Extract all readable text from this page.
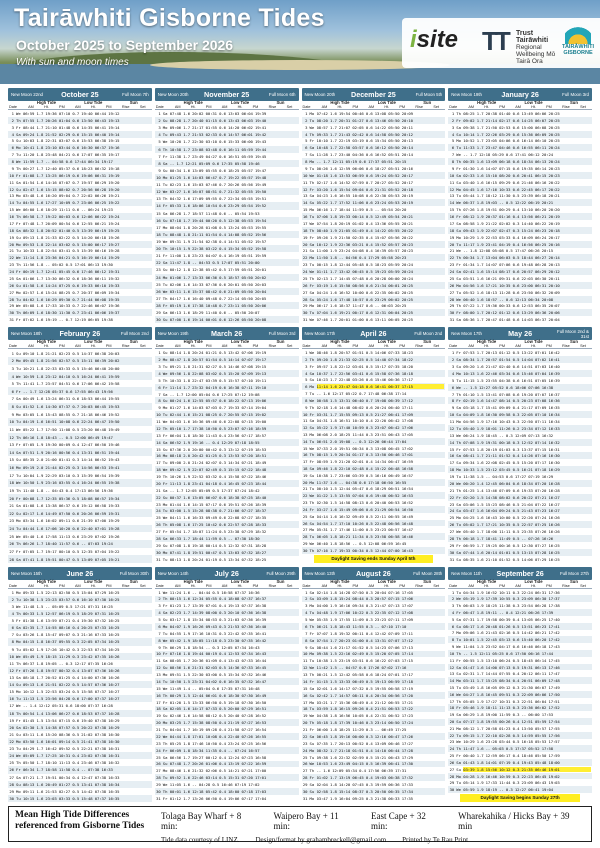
Tairāwhiti Gisborne Tides
October 2025 to September 2026
With sun and moon times
isite TT Trust Tairāwhiti
Regional Wellbeing Mō Tairā Ora
TAIRĀWHITI GISBORNE
New Moon 22nd	October 25	Full Moon 7th
Date
High Tide
AM	Ht.	PM
Low Tide
AM	Ht.	PM
Sun
Rise	Set
1 We 06:59 1.7 19:36 07:10 0.7 19:40 06:44 19:12
2 Th 07:55 1.7 20:26 01:04 0.6 13:50 06:43 19:13
3 Fr 08:44 1.7 21:10 01:48 0.6 14:35 06:41 19:14
4 Sa 09:24 1.8 21:52 02:29 0.6 15:15 06:40 19:14
5 Su 10:03 1.8 22:31 03:07 0.6 15:53 06:38 19:15
6 Mo 10:41 1.8 23:10 03:44 0.6 16:30 06:37 19:16
7 Tu 11:20 1.8 23:48 04:21 0.6 17:07 06:35 19:17
8 We 11:59 1.7 -- 04:58 0.6 17:44 06:34 19:17
9 Th 00:27 1.7 12:40 05:37 0.6 18:23 06:32 19:18
10 Fr 01:08 1.7 13:25 06:19 0.6 19:06 06:31 19:19
11 Sa 01:54 1.6 14:16 07:07 0.7 19:57 06:29 19:20
12 Su 02:47 1.6 15:15 08:02 0.7 20:56 06:28 19:20
13 Mo 03:48 1.6 16:20 09:04 0.7 22:02 06:26 19:21
14 Tu 04:55 1.6 17:27 10:09 0.7 23:06 06:25 19:22
15 We 06:00 1.6 18:29 11:11 0.6 -- 06:24 19:23
16 Th 06:58 1.7 19:22 00:03 0.6 12:06 06:22 19:24
17 Fr 07:48 1.7 20:09 00:54 0.6 12:55 06:21 19:24
18 Sa 08:32 1.8 20:52 01:40 0.5 13:39 06:19 19:25
19 Su 09:13 1.8 21:33 02:22 0.5 14:20 06:18 19:26
20 Mo 09:53 1.8 22:14 03:02 0.5 15:00 06:17 19:27
21 Tu 10:33 1.8 22:54 03:41 0.5 15:39 06:16 19:28
22 We 11:14 1.8 23:36 04:21 0.5 16:19 06:14 19:29
23 Th 11:56 1.8 -- 05:02 0.5 17:01 06:13 19:30
24 Fr 00:19 1.7 12:41 05:45 0.6 17:46 06:12 19:31
25 Sa 01:06 1.7 13:30 06:32 0.6 18:36 06:11 19:32
26 Su 01:58 1.6 14:24 07:25 0.6 19:33 06:10 19:33
27 Mo 02:57 1.6 15:24 08:25 0.7 20:37 06:09 19:34
28 Tu 04:02 1.6 16:29 09:30 0.7 21:44 06:08 19:35
29 We 05:08 1.6 17:33 10:33 0.7 22:46 06:07 19:36
30 Th 06:09 1.6 18:30 11:30 0.7 23:41 06:06 19:37
31 Fr 07:02 1.6 19:19 -- 0.7 12:19 06:05 19:38
New Moon 20th	November 25	Full Moon 6th
Date
High Tide
AM	Ht.	PM
Low Tide
AM	Ht.	PM
Sun
Rise	Set
1 Sa 07:48 1.6 20:02 00:31 0.6 13:03 06:04 19:39
2 Su 08:28 1.7 20:40 01:15 0.6 13:43 06:03 19:40
3 Mo 09:06 1.7 21:17 01:55 0.6 14:20 06:02 19:41
4 Tu 09:43 1.7 21:53 02:33 0.6 14:57 06:01 19:42
5 We 10:20 1.7 22:30 03:10 0.6 15:33 06:00 19:43
6 Th 10:58 1.7 23:08 03:48 0.6 16:11 05:59 19:44
7 Fr 11:38 1.7 23:49 04:27 0.6 16:51 05:59 19:45
8 Sa -- 1.7 12:21 05:09 0.6 17:35 05:58 19:46
9 Su 00:34 1.6 13:09 05:55 0.6 18:25 05:57 19:47
10 Mo 01:25 1.6 14:03 06:47 0.7 19:22 05:57 19:48
11 Tu 02:23 1.6 15:03 07:46 0.7 20:26 05:56 19:49
12 We 03:27 1.6 16:07 08:51 0.7 21:32 05:55 19:50
13 Th 04:32 1.6 17:09 09:55 0.7 22:34 05:55 19:51
14 Fr 05:33 1.6 18:06 10:54 0.6 23:29 05:54 19:52
15 Sa 06:28 1.7 18:57 11:48 0.6 -- 05:54 19:53
16 Su 07:18 1.7 19:44 00:20 0.5 12:38 05:53 19:54
17 Mo 08:04 1.8 20:28 01:08 0.5 13:24 05:53 19:55
18 Tu 08:48 1.8 21:11 01:54 0.4 14:08 05:52 19:56
19 We 09:31 1.9 21:54 02:38 0.4 14:51 05:52 19:57
20 Th 10:15 1.9 22:38 03:22 0.4 15:34 05:52 19:58
21 Fr 11:00 1.8 23:23 04:07 0.4 16:19 05:51 19:59
22 Sa 11:47 1.8 -- 04:53 0.5 17:07 05:51 20:00
23 Su 00:12 1.8 12:38 05:42 0.5 17:59 05:51 20:01
24 Mo 01:06 1.7 13:33 06:36 0.5 18:57 05:50 20:02
25 Tu 02:06 1.6 14:33 07:36 0.6 20:01 05:50 20:03
26 We 03:11 1.6 15:37 08:42 0.6 21:09 05:50 20:04
27 Th 04:17 1.6 16:40 09:48 0.7 22:14 05:50 20:05
28 Fr 05:19 1.6 17:38 10:48 0.7 23:11 05:50 20:06
29 Sa 06:13 1.6 18:29 11:40 0.6 -- 05:50 20:07
30 Su 07:00 1.6 19:14 00:01 0.6 12:26 05:50 20:08
New Moon 20th	December 25	Full Moon 5th
Date
High Tide
AM	Ht.	PM
Low Tide
AM	Ht.	PM
Sun
Rise	Set
1 Mo 07:42 1.6 19:54 00:46 0.6 13:08 05:50 20:09
2 Tu 08:20 1.7 20:31 01:27 0.6 13:46 05:50 20:10
3 We 08:57 1.7 21:07 02:05 0.6 14:22 05:50 20:11
4 Th 09:33 1.7 21:43 02:42 0.6 14:58 05:50 20:12
5 Fr 10:10 1.7 22:19 03:19 0.6 15:34 05:50 20:13
6 Sa 10:48 1.7 22:58 03:57 0.6 16:12 05:50 20:14
7 Su 11:28 1.7 23:40 04:36 0.6 16:52 05:51 20:14
8 Mo -- 1.7 12:11 05:19 0.6 17:37 05:51 20:15
9 Tu 00:26 1.6 12:59 06:06 0.6 18:27 05:51 20:16
10 We 01:18 1.6 13:53 06:59 0.6 19:24 05:52 20:17
11 Th 02:17 1.6 14:52 07:59 0.7 20:27 05:52 20:17
12 Fr 03:20 1.6 15:54 09:04 0.6 21:31 05:52 20:18
13 Sa 04:23 1.6 16:55 10:08 0.6 22:30 05:53 20:19
14 Su 05:22 1.7 17:52 11:06 0.6 23:24 05:53 20:19
15 Mo 06:16 1.7 18:44 11:59 0.5 -- 05:54 20:20
16 Tu 07:06 1.8 19:33 00:14 0.5 12:49 05:54 20:21
17 We 07:54 1.8 20:19 01:02 0.4 13:36 05:55 20:21
18 Th 08:40 1.9 21:05 01:49 0.4 14:22 05:55 20:22
19 Fr 09:26 1.9 21:50 02:35 0.4 15:07 05:56 20:22
20 Sa 10:12 1.9 22:36 03:21 0.4 15:52 05:57 20:23
21 Su 11:00 1.9 23:24 04:08 0.4 16:39 05:57 20:23
22 Mo 11:50 1.8 -- 04:56 0.4 17:29 05:58 20:23
23 Tu 00:15 1.8 12:44 05:48 0.5 18:23 05:59 20:24
24 We 01:11 1.7 13:42 06:45 0.5 19:23 05:59 20:24
25 Th 02:13 1.7 14:45 07:48 0.6 20:28 06:00 20:24
26 Fr 03:19 1.6 15:50 08:56 0.6 21:34 06:01 20:25
27 Sa 04:24 1.6 16:52 10:00 0.6 22:35 06:02 20:25
28 Su 05:24 1.6 17:48 10:57 0.6 23:29 06:02 20:25
29 Mo 06:17 1.6 18:37 11:47 0.6 -- 06:03 20:25
30 Tu 07:04 1.6 19:21 00:17 0.6 12:31 06:04 20:25
31 We 07:46 1.7 20:01 01:00 0.6 13:11 06:05 20:25
New Moon 19th	January 26	Full Moon 3rd
Date
High Tide
AM	Ht.	PM
Low Tide
AM	Ht.	PM
Sun
Rise	Set
1 Th 08:25 1.7 20:38 01:40 0.6 13:49 06:06 20:25
2 Fr 09:02 1.7 21:14 02:17 0.6 14:25 06:07 20:25
3 Sa 09:38 1.7 21:50 02:53 0.6 15:00 06:08 20:25
4 Su 10:14 1.7 22:26 03:29 0.6 15:36 06:09 20:25
5 Mo 10:52 1.7 23:05 04:06 0.6 16:14 06:10 20:25
6 Tu 11:33 1.7 23:47 04:46 0.6 16:55 06:11 20:24
7 We -- 1.7 12:18 05:29 0.6 17:41 06:12 20:24
8 Th 00:35 1.6 13:09 06:18 0.6 18:34 06:13 20:24
9 Fr 01:30 1.6 14:07 07:15 0.6 19:35 06:14 20:23
10 Sa 02:33 1.6 15:10 08:20 0.6 20:41 06:15 20:23
11 Su 03:40 1.6 16:15 09:29 0.6 21:46 06:16 20:22
12 Mo 04:45 1.6 17:16 10:33 0.6 22:45 06:17 20:22
13 Tu 05:44 1.7 18:12 11:30 0.5 23:39 06:18 20:21
14 We 06:37 1.8 19:03 -- 0.5 12:22 06:19 20:21
15 Th 07:26 1.8 19:51 00:29 0.4 13:10 06:20 20:20
16 Fr 08:12 1.9 20:37 01:16 0.4 13:56 06:21 20:19
17 Sa 08:58 1.9 21:22 02:02 0.3 14:40 06:22 20:19
18 Su 09:43 1.9 22:07 02:47 0.3 15:24 06:23 20:18
19 Mo 10:29 1.9 22:53 03:33 0.4 16:09 06:24 20:17
20 Tu 11:17 1.9 23:41 04:19 0.4 16:56 06:25 20:16
21 We -- 1.8 12:08 05:08 0.5 17:47 06:26 20:15
22 Th 00:34 1.7 13:04 06:03 0.5 18:44 06:27 20:14
23 Fr 01:34 1.7 14:07 07:06 0.6 19:48 06:28 20:13
24 Sa 02:41 1.6 15:14 08:17 0.6 20:57 06:29 20:12
25 Su 03:51 1.6 16:21 09:31 0.6 22:03 06:30 20:11
26 Mo 04:56 1.6 17:21 10:35 0.6 23:00 06:31 20:10
27 Tu 05:52 1.6 18:13 11:28 0.6 23:50 06:32 20:09
28 We 06:40 1.6 18:57 -- 0.6 12:13 06:34 20:08
29 Th 07:22 1.7 19:36 00:33 0.6 12:53 06:35 20:07
30 Fr 08:00 1.7 20:12 01:12 0.6 13:29 06:36 20:06
31 Sa 08:36 1.7 20:47 01:48 0.6 14:03 06:37 20:04
New Moon 18th	February 26	Full Moon 2nd
Date
High Tide
AM	Ht.	PM
Low Tide
AM	Ht.	PM
Sun
Rise	Set
1 Su 09:10 1.8 21:21 02:23 0.5 14:37 06:38 20:03
2 Mo 09:45 1.8 21:56 02:57 0.5 15:11 06:39 20:02
3 Tu 10:21 1.8 22:33 03:33 0.5 15:46 06:40 20:00
4 We 10:59 1.8 23:12 04:10 0.5 16:24 06:41 19:59
5 Th 11:41 1.7 23:57 04:51 0.6 17:06 06:42 19:58
6 Fr -- 1.7 12:28 05:37 0.6 17:55 06:43 19:56
7 Sa 00:49 1.6 13:24 06:31 0.6 18:53 06:44 19:55
8 Su 01:52 1.6 14:30 07:37 0.7 20:03 06:45 19:53
9 Mo 03:05 1.6 15:43 08:55 0.7 21:18 06:46 19:52
10 Tu 04:19 1.6 16:51 10:08 0.6 22:24 06:47 19:50
11 We 05:22 1.7 17:50 11:08 0.5 23:20 06:48 19:49
12 Th 06:16 1.8 18:43 -- 0.5 12:00 06:49 19:47
13 Fr 07:05 1.9 19:30 00:09 0.4 12:47 06:50 19:46
14 Sa 07:51 1.9 20:16 00:56 0.4 13:31 06:51 19:44
15 Su 08:35 2.0 21:00 01:41 0.3 14:14 06:52 19:43
16 Mo 09:19 2.0 21:44 02:25 0.3 14:56 06:53 19:41
17 Tu 10:04 1.9 22:29 03:10 0.3 15:39 06:54 19:39
18 We 10:50 1.9 23:16 03:55 0.4 16:24 06:55 19:38
19 Th 11:40 1.8 -- 04:43 0.4 17:13 06:56 19:36
20 Fr 00:08 1.7 12:35 05:36 0.5 18:08 06:57 19:34
21 Sa 01:08 1.6 13:38 06:37 0.6 19:12 06:58 19:33
22 Su 02:17 1.6 14:49 07:50 0.6 20:26 06:59 19:31
23 Mo 03:34 1.6 16:02 09:11 0.6 21:39 07:00 19:29
24 Tu 04:44 1.6 17:06 10:20 0.6 22:40 07:01 19:28
25 We 05:40 1.6 17:58 11:13 0.6 23:29 07:02 19:26
26 Th 06:26 1.7 18:40 11:57 0.6 -- 07:03 19:24
27 Fr 07:05 1.7 19:17 00:10 0.5 12:35 07:04 19:22
28 Sa 07:41 1.8 19:51 00:47 0.5 13:09 07:05 19:21
New Moon 19th	March 26	Full Moon 3rd
Date
High Tide
AM	Ht.	PM
Low Tide
AM	Ht.	PM
Sun
Rise	Set
1 Su 08:14 1.8 20:24 01:21 0.5 13:42 07:06 19:19
2 Mo 08:47 1.8 20:57 01:54 0.5 14:14 07:07 19:17
3 Tu 09:21 1.8 21:31 02:27 0.5 14:46 07:08 19:15
4 We 09:56 1.8 22:08 03:02 0.5 15:20 07:09 19:13
5 Th 10:33 1.8 22:47 03:39 0.5 15:57 07:10 19:11
6 Fr 11:14 1.7 23:32 04:19 0.6 16:38 07:11 19:10
7 Sa -- 1.7 12:00 05:04 0.6 17:25 07:12 19:08
8 Su 00:24 1.6 12:55 05:57 0.6 18:22 07:13 19:06
9 Mo 01:27 1.6 14:03 07:03 0.7 19:33 07:14 19:04
10 Tu 02:44 1.6 15:21 08:25 0.7 20:55 07:15 19:02
11 We 04:03 1.6 16:36 09:46 0.6 22:08 07:15 19:00
12 Th 05:10 1.7 17:38 10:50 0.5 23:07 07:16 18:59
13 Fr 06:04 1.8 18:30 11:43 0.4 23:56 07:17 18:57
14 Sa 06:52 1.9 19:16 -- 0.4 12:29 07:18 18:55
15 Su 07:36 2.0 20:00 00:42 0.3 13:12 07:19 18:53
16 Mo 08:18 2.0 20:42 01:25 0.3 13:53 07:20 18:51
17 Tu 09:00 2.0 21:24 02:07 0.3 14:34 07:21 18:49
18 We 09:42 1.9 22:07 02:49 0.3 15:15 07:22 18:48
19 Th 10:26 1.9 22:52 03:32 0.4 15:58 07:22 18:46
20 Fr 11:13 1.8 23:41 04:18 0.4 16:45 07:23 18:44
21 Sa -- 1.7 12:05 05:09 0.5 17:37 07:24 18:42
22 Su 00:37 1.6 13:05 06:07 0.6 18:38 07:25 18:40
23 Mo 01:44 1.6 14:15 07:17 0.6 19:51 07:26 18:39
24 Tu 03:00 1.5 15:28 08:38 0.7 21:06 07:27 18:37
25 We 04:11 1.6 16:33 09:49 0.6 22:08 07:27 18:35
26 Th 05:08 1.6 17:25 10:42 0.6 22:57 07:28 18:33
27 Fr 05:54 1.7 18:07 11:24 0.5 23:38 07:29 18:32
28 Sa 06:33 1.7 18:44 11:59 0.5 -- 07:30 18:30
29 Su 07:08 1.8 19:18 00:14 0.5 12:32 07:31 18:28
30 Mo 07:41 1.8 19:51 00:47 0.5 13:03 07:32 18:27
31 Tu 08:13 1.8 20:24 01:19 0.5 13:34 07:32 18:25
New Moon 17th	April 26	Full Moon 2nd
Date
High Tide
AM	Ht.	PM
Low Tide
AM	Ht.	PM
Sun
Rise	Set
1 We 08:46 1.8 20:57 01:51 0.5 14:06 07:33 18:23
2 Th 09:20 1.8 21:33 02:25 0.5 14:40 07:34 18:22
3 Fr 09:57 1.8 22:12 03:01 0.5 15:17 07:35 18:20
4 Sa 10:37 1.7 22:56 03:41 0.6 15:58 07:36 18:18
5 Su 10:23 1.7 22:48 03:26 0.6 15:46 06:36 17:17
6 Mo 11:14 1.6 23:47 04:18 0.6 16:41 06:37 17:15
7 Tu -- 1.6 12:17 05:22 0.7 17:48 06:38 17:14
8 We 00:58 1.5 13:31 06:40 0.7 19:08 06:39 17:12
9 Th 02:18 1.6 14:48 08:02 0.6 20:24 06:40 17:11
10 Fr 03:31 1.7 15:55 09:13 0.5 21:27 06:41 17:09
11 Sa 04:31 1.8 16:51 10:10 0.4 22:20 06:42 17:08
12 Su 05:22 1.9 17:40 10:59 0.3 23:07 06:42 17:06
13 Mo 06:08 2.0 18:25 11:44 0.3 23:51 06:43 17:05
14 Tu 06:51 2.0 19:08 -- 0.3 12:26 06:44 17:04
15 We 07:33 2.0 19:51 00:34 0.3 13:08 06:45 17:02
16 Th 08:15 1.9 20:34 01:17 0.3 13:50 06:46 17:01
17 Fr 08:59 1.9 21:20 02:01 0.4 14:34 06:47 16:59
18 Sa 09:46 1.8 22:10 02:48 0.4 15:22 06:48 16:58
19 Su 10:38 1.7 23:06 03:39 0.5 16:16 06:49 16:57
20 Mo 11:37 1.6 -- 04:38 0.6 17:18 06:50 16:55
21 Tu 00:10 1.5 12:44 05:47 0.6 18:29 06:51 16:54
22 We 01:22 1.5 13:55 07:04 0.6 19:40 06:52 16:53
23 Th 02:30 1.5 14:58 08:13 0.6 20:40 06:53 16:52
24 Fr 03:27 1.6 15:49 09:06 0.6 21:29 06:54 16:50
25 Sa 04:14 1.6 16:32 09:49 0.5 22:11 06:55 16:49
26 Su 04:54 1.7 17:10 10:26 0.5 22:48 06:56 16:48
27 Mo 05:31 1.7 17:46 11:00 0.5 23:23 06:57 16:47
28 Tu 06:05 1.8 18:21 11:34 0.5 23:58 06:58 16:46
29 We 06:40 1.8 18:56 -- 0.5 12:08 06:59 16:45
30 Th 07:16 1.7 19:33 00:34 0.5 12:44 07:00 16:43
Daylight Saving ends Sunday April 5th
New Moon 17th	May 26	Full Moon 2nd & 31st
Date
High Tide
AM	Ht.	PM
Low Tide
AM	Ht.	PM
Sun
Rise	Set
1 Fr 07:53 1.7 20:13 01:12 0.5 13:22 07:01 16:42
2 Sa 08:34 1.7 20:57 01:54 0.5 14:04 07:02 16:41
3 Su 09:20 1.6 21:47 02:40 0.6 14:51 07:03 16:40
4 Mo 10:13 1.6 22:46 03:34 0.6 15:46 07:04 16:39
5 Tu 11:15 1.5 23:55 04:38 0.6 16:51 07:05 16:39
6 We -- 1.5 12:27 05:52 0.6 18:06 07:06 16:38
7 Th 01:10 1.5 13:41 07:08 0.6 19:20 07:07 16:37
8 Fr 02:19 1.6 14:47 08:14 0.5 20:23 07:08 16:36
9 Sa 03:18 1.7 15:41 09:09 0.4 21:17 07:09 16:35
10 Su 04:09 1.8 16:30 09:58 0.3 22:05 07:10 16:34
11 Mo 04:56 1.9 17:16 10:43 0.3 22:50 07:11 16:34
12 Tu 05:40 1.9 18:01 11:26 0.2 23:34 07:12 16:33
13 We 06:24 1.9 18:45 -- 0.3 12:09 07:13 16:32
14 Th 07:08 1.9 19:31 00:18 0.3 12:52 07:14 16:32
15 Fr 07:53 1.8 20:19 01:03 0.3 13:37 07:15 16:31
16 Sa 08:41 1.7 21:11 01:52 0.4 14:26 07:16 16:30
17 Su 09:34 1.6 22:08 02:45 0.5 15:20 07:17 16:30
18 Mo 10:33 1.5 23:12 03:45 0.5 16:21 07:18 16:29
19 Tu 11:38 1.5 -- 04:53 0.6 17:27 07:19 16:29
20 We 00:20 1.4 12:45 06:04 0.6 18:34 07:20 16:28
21 Th 01:25 1.4 13:46 07:09 0.6 19:33 07:20 16:28
22 Fr 02:20 1.5 14:38 08:02 0.6 20:22 07:21 16:27
23 Sa 03:06 1.5 15:23 08:46 0.5 21:04 07:22 16:27
24 Su 03:47 1.6 16:04 09:24 0.5 21:43 07:23 16:27
25 Mo 04:25 1.6 16:43 10:00 0.5 22:20 07:24 16:26
26 Tu 05:02 1.7 17:21 10:35 0.5 22:57 07:25 16:26
27 We 05:40 1.7 18:00 11:11 0.5 23:35 07:26 16:26
28 Th 06:18 1.7 18:41 11:49 0.5 -- 07:26 16:26
29 Fr 06:59 1.7 19:25 00:16 0.5 12:30 07:27 16:25
30 Sa 07:44 1.6 20:14 01:01 0.5 13:15 07:28 16:25
31 Su 08:35 1.6 21:10 01:52 0.5 14:06 07:29 16:25
New Moon 15th	June 26	Full Moon 30th
Date
High Tide
AM	Ht.	PM
Low Tide
AM	Ht.	PM
Sun
Rise	Set
1 Mo 09:33 1.5 22:13 02:50 0.5 15:04 07:29 16:25
2 Tu 10:38 1.5 23:23 03:57 0.6 16:10 07:30 16:25
3 We 11:48 1.5 -- 05:09 0.5 17:21 07:31 16:25
4 Th 00:33 1.5 12:57 06:19 0.5 18:29 07:31 16:25
5 Fr 01:38 1.6 13:59 07:21 0.4 19:30 07:32 16:25
6 Sa 02:35 1.7 14:55 08:16 0.4 20:25 07:33 16:25
7 Su 03:26 1.8 15:47 09:07 0.3 21:16 07:33 16:25
8 Mo 04:15 1.8 16:37 09:55 0.3 22:05 07:34 16:25
9 Tu 05:02 1.9 17:26 10:42 0.3 22:53 07:34 16:25
10 We 05:49 1.9 18:15 11:29 0.3 23:42 07:35 16:26
11 Th 06:37 1.8 19:05 -- 0.3 12:17 07:35 16:26
12 Fr 07:26 1.8 19:57 00:32 0.4 13:07 07:36 16:26
13 Sa 08:18 1.7 20:52 01:25 0.4 14:00 07:36 16:26
14 Su 09:13 1.6 21:51 02:22 0.5 14:57 07:36 16:27
15 Mo 10:12 1.5 22:53 03:24 0.5 15:58 07:37 16:27
16 Tu 11:13 1.5 23:56 04:28 0.6 17:00 07:37 16:27
17 We -- 1.4 12:12 05:31 0.6 18:00 07:37 16:28
18 Th 00:54 1.4 13:06 06:27 0.6 18:53 07:37 16:28
19 Fr 01:45 1.5 13:54 07:15 0.6 19:40 07:38 16:29
20 Sa 02:30 1.5 14:38 07:57 0.5 20:22 07:38 16:29
21 Su 03:11 1.6 15:20 08:36 0.5 21:02 07:38 16:30
22 Mo 03:50 1.6 16:01 09:14 0.5 21:41 07:38 16:30
23 Tu 04:29 1.7 16:42 09:52 0.5 22:21 07:38 16:31
24 We 05:09 1.7 17:25 10:31 0.4 23:02 07:38 16:31
25 Th 05:50 1.7 18:10 11:13 0.4 23:46 07:38 16:32
26 Fr 06:34 1.7 18:58 11:58 0.4 -- 07:38 16:33
27 Sa 07:21 1.7 19:51 00:34 0.4 12:47 07:38 16:33
28 Su 08:13 1.6 20:49 01:27 0.5 13:41 07:38 16:34
29 Mo 09:11 1.6 21:53 02:27 0.5 14:42 07:38 16:35
30 Tu 10:15 1.6 23:03 03:33 0.5 15:48 07:37 16:35
New Moon 14th	July 26	Full Moon 29th
Date
High Tide
AM	Ht.	PM
Low Tide
AM	Ht.	PM
Sun
Rise	Set
1 We 11:24 1.6 -- 04:44 0.5 16:58 07:37 16:36
2 Th 00:15 1.6 12:34 05:55 0.4 18:08 07:37 16:37
3 Fr 01:23 1.7 13:39 07:01 0.4 19:13 07:37 16:38
4 Sa 02:23 1.7 14:39 08:00 0.3 20:10 07:36 16:38
5 Su 03:17 1.8 15:34 08:53 0.3 21:03 07:36 16:39
6 Mo 04:07 1.9 16:26 09:43 0.3 21:53 07:36 16:40
7 Tu 04:55 1.9 17:16 10:31 0.3 22:42 07:35 16:41
8 We 05:42 1.9 18:05 11:18 0.3 23:30 07:35 16:42
9 Th 06:29 1.8 18:54 -- 0.3 12:05 07:34 16:43
10 Fr 07:16 1.8 19:44 00:19 0.4 12:53 07:34 16:43
11 Sa 08:05 1.7 20:36 01:09 0.4 13:43 07:33 16:44
12 Su 08:56 1.6 21:31 02:03 0.5 14:36 07:33 16:45
13 Mo 09:51 1.5 22:30 03:00 0.5 15:34 07:32 16:46
14 Tu 10:50 1.5 23:31 04:02 0.6 16:35 07:32 16:47
15 We 11:49 1.4 -- 05:04 0.6 17:35 07:31 16:48
16 Th 00:29 1.5 12:44 06:01 0.6 18:30 07:30 16:49
17 Fr 01:20 1.5 13:33 06:50 0.5 19:18 07:30 16:50
18 Sa 02:05 1.6 14:17 07:33 0.5 20:00 07:29 16:51
19 Su 02:46 1.6 14:58 08:12 0.5 20:40 07:28 16:52
20 Mo 03:25 1.7 15:38 08:50 0.4 21:19 07:27 16:53
21 Tu 04:04 1.7 16:19 09:28 0.4 21:58 07:27 16:54
22 We 04:44 1.8 17:01 10:08 0.4 22:40 07:26 16:55
23 Th 05:25 1.8 17:46 10:50 0.4 23:24 07:25 16:56
24 Fr 06:09 1.8 18:34 11:35 0.4 -- 07:24 16:57
25 Sa 06:56 1.7 19:27 00:12 0.4 12:24 07:23 16:58
26 Su 07:48 1.7 20:26 01:06 0.4 13:19 07:22 16:59
27 Mo 08:46 1.6 21:32 02:06 0.5 14:21 07:21 17:00
28 Tu 09:52 1.6 22:46 03:14 0.5 15:31 07:20 17:01
29 We 11:05 1.6 -- 04:28 0.5 16:46 07:19 17:02
30 Th 00:01 1.6 12:18 05:42 0.4 18:00 07:18 17:03
31 Fr 01:12 1.7 13:26 06:50 0.4 19:06 07:17 17:04
New Moon 13th	August 26	Full Moon 28th
Date
High Tide
AM	Ht.	PM
Low Tide
AM	Ht.	PM
Sun
Rise	Set
1 Sa 02:14 1.8 14:28 07:50 0.3 20:04 07:16 17:05
2 Su 03:09 1.8 15:24 08:44 0.3 20:57 07:15 17:06
3 Mo 04:00 1.9 16:16 09:34 0.3 21:47 07:13 17:07
4 Tu 04:48 1.9 17:06 10:22 0.3 22:35 07:12 17:08
5 We 05:35 1.9 17:55 11:09 0.3 23:23 07:11 17:09
6 Th 06:21 1.8 18:43 11:55 0.3 -- 07:10 17:10
7 Fr 07:07 1.8 19:32 00:11 0.4 12:42 07:09 17:11
8 Sa 07:54 1.7 20:23 01:00 0.4 13:31 07:07 17:12
9 Su 08:44 1.6 21:17 01:52 0.5 14:23 07:06 17:13
10 Mo 09:38 1.5 22:16 02:49 0.5 15:20 07:05 17:14
11 Tu 10:38 1.5 23:19 03:51 0.6 16:22 07:03 17:15
12 We 11:42 1.5 -- 04:57 0.6 17:26 07:02 17:16
13 Th 00:21 1.5 12:42 05:58 0.6 18:24 07:01 17:17
14 Fr 01:15 1.5 13:33 06:49 0.5 19:13 06:59 17:18
15 Sa 02:01 1.6 14:17 07:32 0.5 19:55 06:58 17:19
16 Su 02:42 1.7 14:57 08:11 0.4 20:34 06:56 17:20
17 Mo 03:21 1.7 15:36 08:49 0.4 21:12 06:55 17:21
18 Tu 03:59 1.8 16:15 09:26 0.4 21:51 06:53 17:22
19 We 04:38 1.8 16:56 10:05 0.4 22:31 06:52 17:23
20 Th 05:18 1.8 17:39 10:46 0.3 23:14 06:50 17:24
21 Fr 06:00 1.8 18:25 11:29 0.3 -- 06:49 17:25
22 Sa 06:45 1.8 19:16 00:00 0.3 12:16 06:47 17:26
23 Su 07:35 1.7 20:13 00:52 0.4 13:09 06:46 17:27
24 Mo 08:32 1.7 21:18 01:51 0.4 14:10 06:44 17:28
25 Tu 09:38 1.6 22:32 02:59 0.5 15:21 06:43 17:29
26 We 10:53 1.6 23:49 04:15 0.5 16:39 06:41 17:30
27 Th -- 1.6 12:09 05:34 0.4 17:56 06:39 17:31
28 Fr 01:02 1.7 13:19 06:45 0.4 19:03 06:38 17:32
29 Sa 02:04 1.8 14:20 07:45 0.3 19:59 06:36 17:33
30 Su 02:58 1.8 15:14 08:37 0.3 20:50 06:35 17:34
31 Mo 03:47 1.9 16:04 09:25 0.3 21:38 06:33 17:35
New Moon 11th	September 26	Full Moon 27th
Date
High Tide
AM	Ht.	PM
Low Tide
AM	Ht.	PM
Sun
Rise	Set
1 Tu 04:34 1.9 16:52 10:11 0.3 22:24 06:31 17:36
2 We 05:19 1.9 17:39 10:55 0.3 23:09 06:30 17:37
3 Th 06:03 1.9 18:25 11:38 0.3 23:54 06:28 17:38
4 Fr 06:47 1.8 19:11 -- 0.4 12:21 06:26 17:39
5 Sa 07:31 1.7 19:58 00:39 0.4 13:05 06:25 17:40
6 Su 08:17 1.6 20:48 01:26 0.5 13:51 06:23 17:41
7 Mo 09:06 1.6 21:43 02:16 0.5 14:42 06:21 17:42
8 Tu 10:01 1.5 22:45 03:13 0.6 15:40 06:20 17:42
9 We 11:04 1.5 23:52 04:17 0.6 16:46 06:18 17:43
10 Th -- 1.5 12:11 05:25 0.6 17:50 06:16 17:44
11 Fr 00:55 1.5 13:10 06:24 0.5 18:45 06:14 17:45
12 Sa 01:47 1.6 14:00 07:13 0.5 19:31 06:13 17:46
13 Su 02:31 1.7 14:44 07:55 0.4 20:12 06:11 17:47
14 Mo 03:11 1.7 15:25 08:34 0.4 20:51 06:09 17:48
15 Tu 03:49 1.8 16:05 09:12 0.3 21:30 06:07 17:49
16 We 04:27 1.8 16:45 09:51 0.3 22:09 06:06 17:50
17 Th 05:05 1.9 17:27 10:31 0.3 22:51 06:04 17:51
18 Fr 05:46 1.9 18:11 11:13 0.3 23:36 06:02 17:52
19 Sa 06:29 1.8 19:00 11:59 0.3 -- 06:00 17:53
20 Su 07:17 1.8 19:55 00:26 0.4 12:51 05:59 17:54
21 Mo 08:12 1.7 20:58 01:23 0.4 13:50 05:57 17:55
22 Tu 09:15 1.7 22:10 02:28 0.5 14:59 05:55 17:56
23 We 10:29 1.6 23:28 03:44 0.5 16:18 05:53 17:57
24 Th 11:47 1.6 -- 05:03 0.5 17:37 05:52 17:58
25 Fr 00:40 1.7 12:59 06:17 0.4 18:46 05:50 17:59
26 Sa 01:43 1.8 14:01 07:19 0.4 19:43 05:48 18:00
27 Su 03:39 1.8 15:56 10:12 0.3 21:35 06:46 19:01
28 Mo 04:28 1.9 16:46 10:59 0.3 22:23 06:45 19:02
29 Tu 05:14 1.9 17:33 11:44 0.3 23:09 06:43 19:03
30 We 05:59 1.9 18:19 -- 0.3 12:27 06:41 19:04
Daylight Saving begins Sunday 27th
Mean High Tide Differences
referenced from Gisborne Tides
Tolaga Bay Wharf + 8 min:
Waipero Bay + 11 min:
East Cape + 32 min:
Wharekahika / Hicks Bay + 39 min
Tide data courtesy of LINZ. Design/format by grahambreckell@gmail.com Printed by Te Rau Print
